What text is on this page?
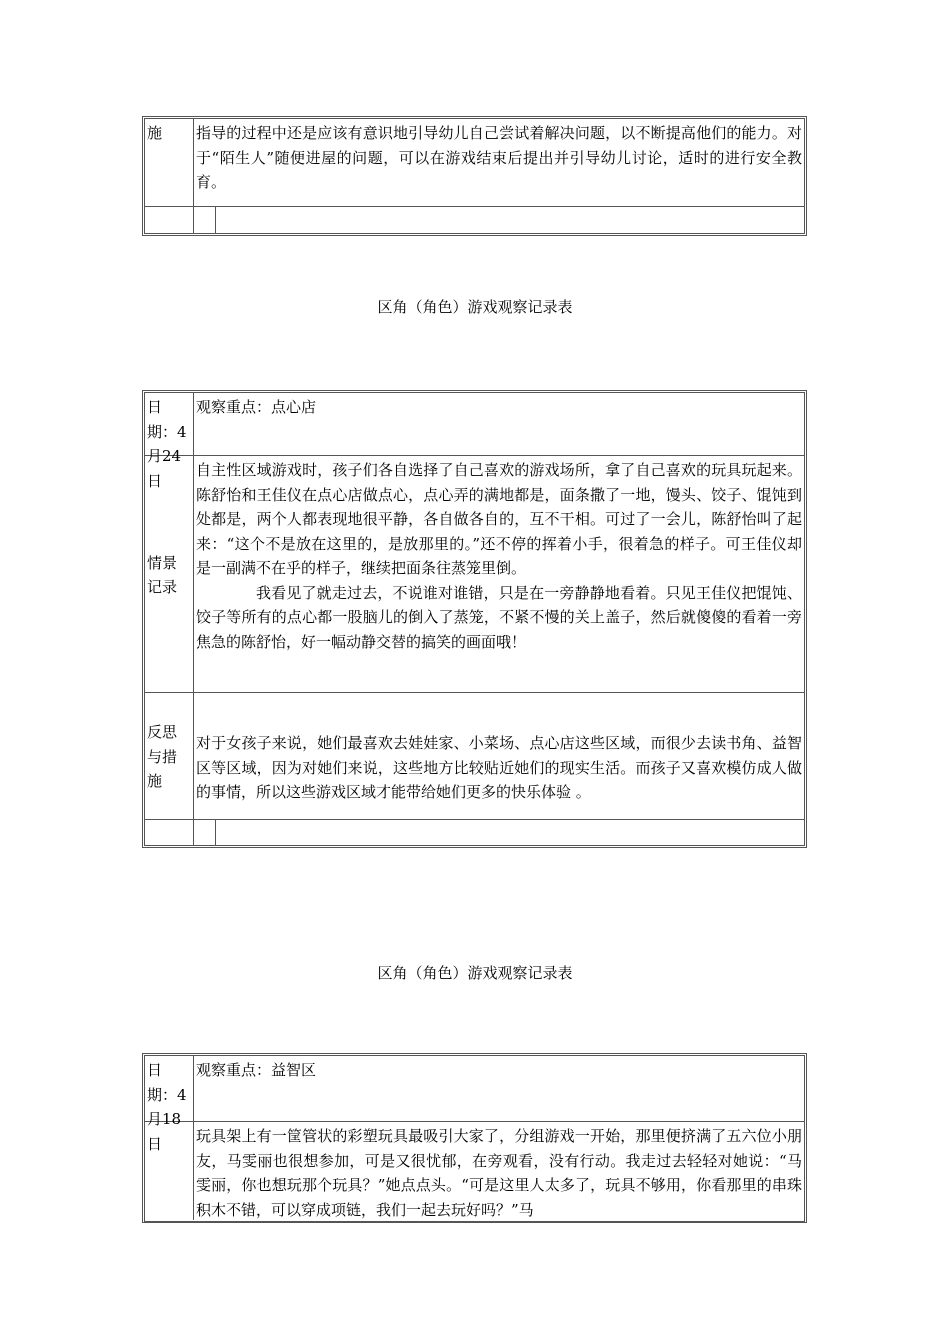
施	指导的过程中还是应该有意识地引导幼儿自己尝试着解决问题，以不断提高他们的能力。对于“陌生人”随便进屋的问题，可以在游戏结束后提出并引导幼儿讨论，适时的进行安全教育。
区角（角色）游戏观察记录表
日期：4月24日
观察重点：点心店
情景记录

自主性区域游戏时，孩子们各自选择了自己喜欢的游戏场所，拿了自己喜欢的玩具玩起来。陈舒怡和王佳仪在点心店做点心，点心弄的满地都是，面条撒了一地，馒头、饺子、馄饨到处都是，两个人都表现地很平静，各自做各自的，互不干相。可过了一会儿，陈舒怡叫了起来：“这个不是放在这里的，是放那里的。”还不停的挥着小手，很着急的样子。可王佳仪却是一副满不在乎的样子，继续把面条往蒸笼里倒。

我看见了就走过去，不说谁对谁错，只是在一旁静静地看着。只见王佳仪把馄饨、饺子等所有的点心都一股脑儿的倒入了蒸笼，不紧不慢的关上盖子，然后就傻傻的看着一旁焦急的陈舒怡，好一幅动静交替的搞笑的画面哦！

反思与措施
对于女孩子来说，她们最喜欢去娃娃家、小菜场、点心店这些区域，而很少去读书角、益智区等区域，因为对她们来说，这些地方比较贴近她们的现实生活。而孩子又喜欢模仿成人做的事情，所以这些游戏区域才能带给她们更多的快乐体验 。
区角（角色）游戏观察记录表
日期：4月18日
观察重点：益智区
玩具架上有一筐管状的彩塑玩具最吸引大家了，分组游戏一开始，那里便挤满了五六位小朋友，马雯丽也很想参加，可是又很忧郁，在旁观看，没有行动。我走过去轻轻对她说：“马雯丽，你也想玩那个玩具？”她点点头。“可是这里人太多了，玩具不够用，你看那里的串珠积木不错，可以穿成项链，我们一起去玩好吗？”马
